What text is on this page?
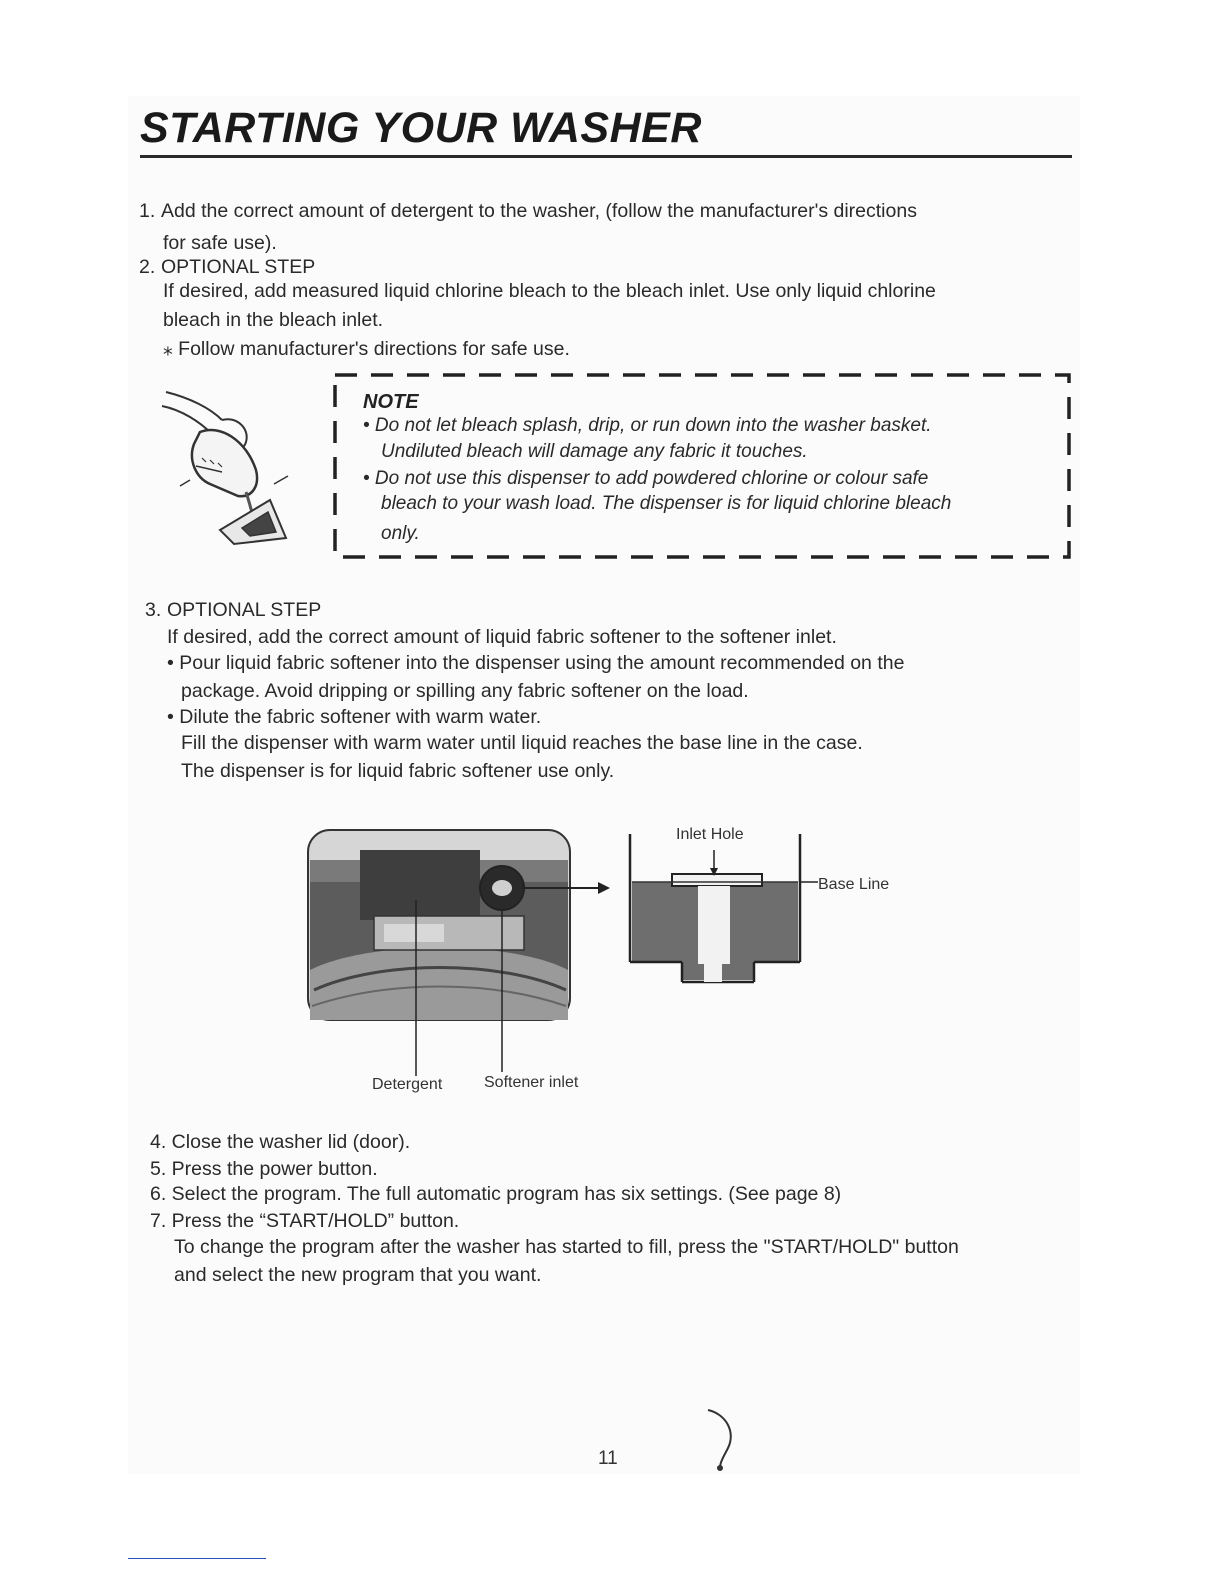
STARTING YOUR WASHER

1. Add the correct amount of detergent to the washer, (follow the manufacturer's directions

for safe use).

2. OPTIONAL STEP

If desired, add measured liquid chlorine bleach to the bleach inlet. Use only liquid chlorine

bleach in the bleach inlet.

⁎ Follow manufacturer's directions for safe use.

NOTE
• Do not let bleach splash, drip, or run down into the washer basket.
Undiluted bleach will damage any fabric it touches.
• Do not use this dispenser to add powdered chlorine or colour safe
bleach to your wash load. The dispenser is for liquid chlorine bleach
only.

3. OPTIONAL STEP

If desired, add the correct amount of liquid fabric softener to the softener inlet.

• Pour liquid fabric softener into the dispenser using the amount recommended on the

package. Avoid dripping or spilling any fabric softener on the load.

• Dilute the fabric softener with warm water.

Fill the dispenser with warm water until liquid reaches the base line in the case.

The dispenser is for liquid fabric softener use only.

Inlet Hole
Base Line
Detergent	Softener inlet

4. Close the washer lid (door).

5. Press the power button.

6. Select the program. The full automatic program has six settings. (See page 8)

7. Press the “START/HOLD” button.

To change the program after the washer has started to fill, press the "START/HOLD" button

and select the new program that you want.

11
